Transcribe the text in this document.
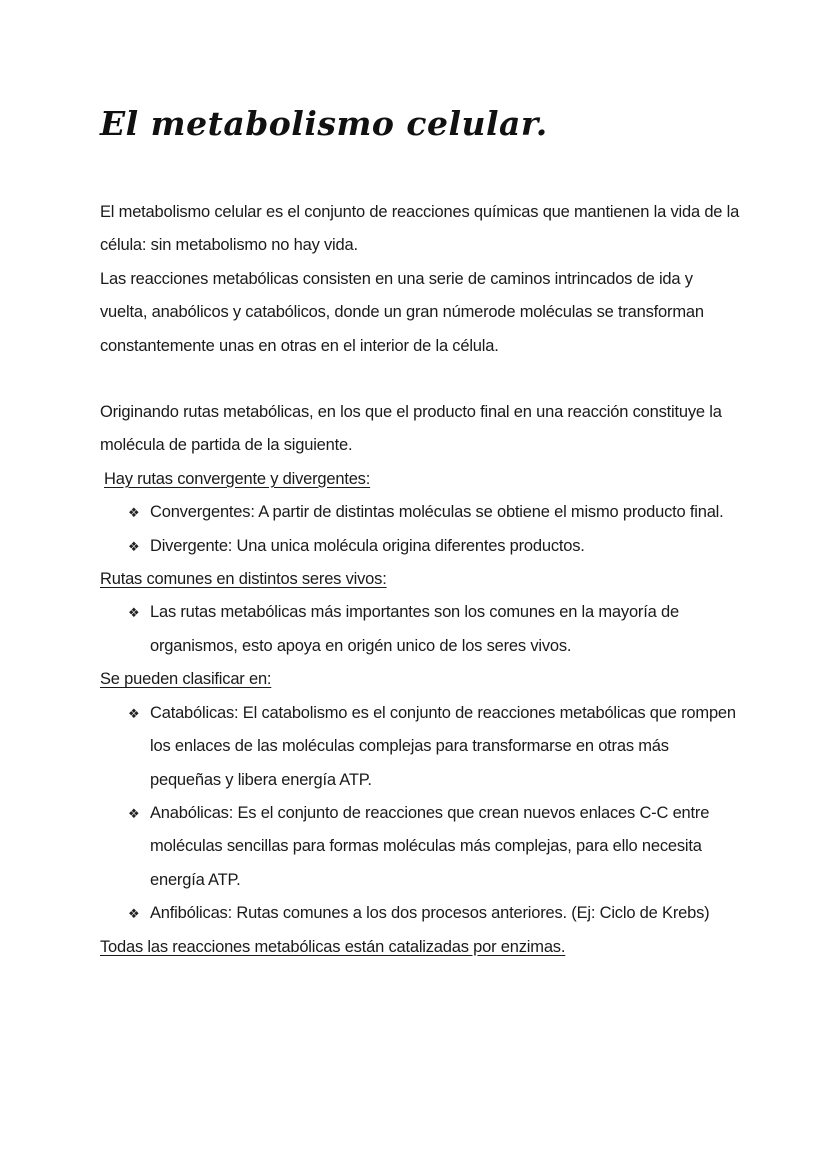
El metabolismo celular.

El metabolismo celular es el conjunto de reacciones químicas que mantienen la vida de la célula: sin metabolismo no hay vida.

Las reacciones metabólicas consisten en una serie de caminos intrincados de ida y vuelta, anabólicos y catabólicos, donde un gran númerode moléculas se transforman constantemente unas en otras en el interior de la célula.

Originando rutas metabólicas, en los que el producto final en una reacción constituye la molécula de partida de la siguiente.

Hay rutas convergente y divergentes:

❖ Convergentes: A partir de distintas moléculas se obtiene el mismo producto final.
❖ Divergente: Una unica molécula origina diferentes productos.

Rutas comunes en distintos seres vivos:

❖ Las rutas metabólicas más importantes son los comunes en la mayoría de organismos, esto apoya en origén unico de los seres vivos.

Se pueden clasificar en:

❖ Catabólicas: El catabolismo es el conjunto de reacciones metabólicas que rompen los enlaces de las moléculas complejas para transformarse en otras más pequeñas y libera energía ATP.
❖ Anabólicas: Es el conjunto de reacciones que crean nuevos enlaces C-C entre moléculas sencillas para formas moléculas más complejas, para ello necesita energía ATP.
❖ Anfibólicas: Rutas comunes a los dos procesos anteriores. (Ej: Ciclo de Krebs)

Todas las reacciones metabólicas están catalizadas por enzimas.
